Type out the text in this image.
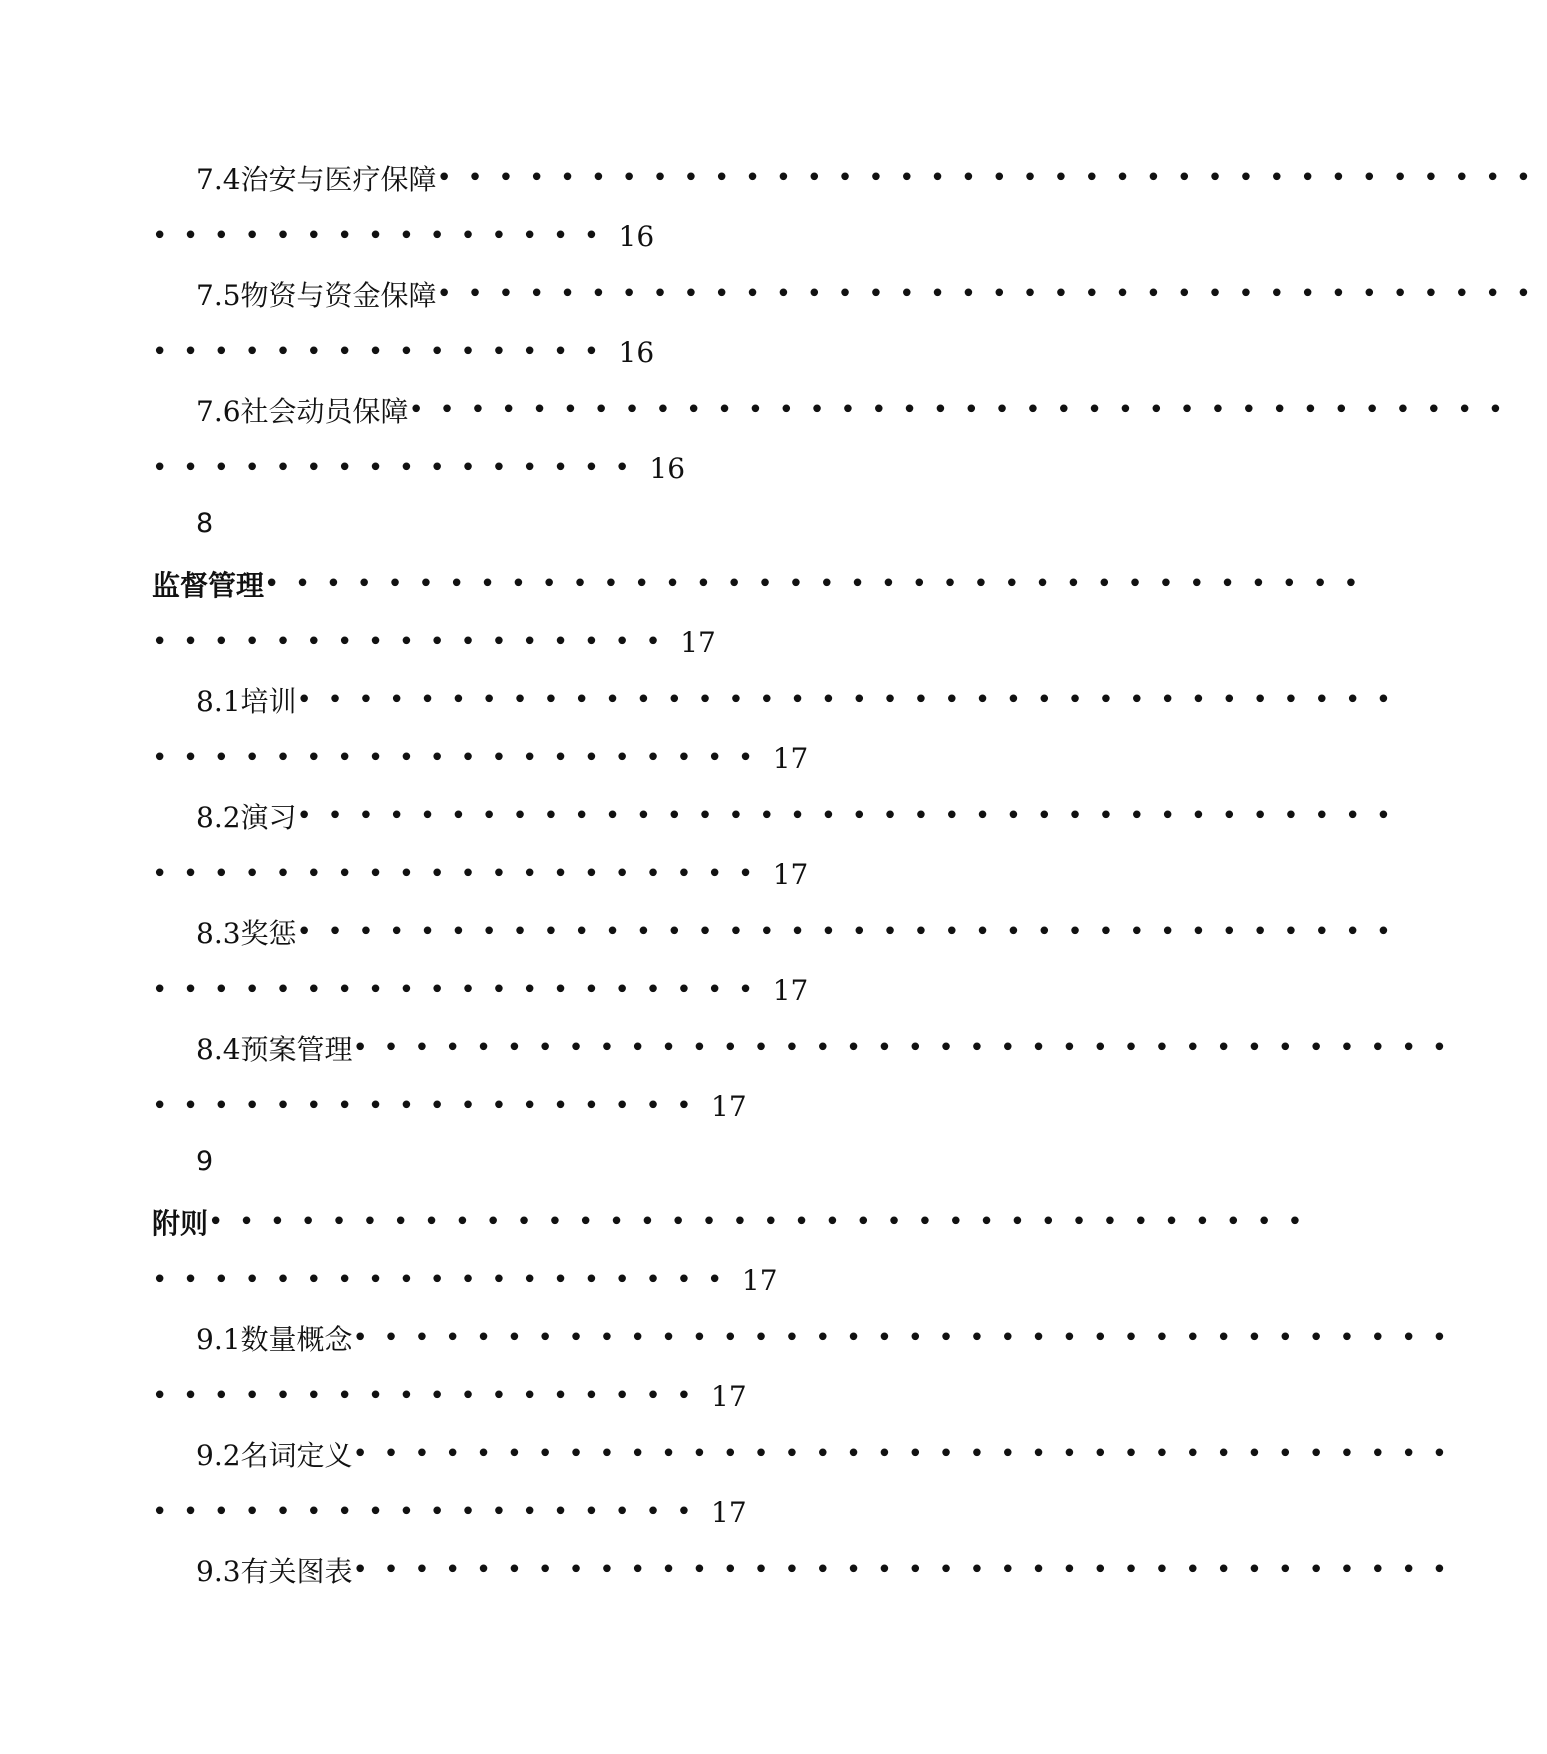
7.4治安与医疗保障 ••••••••••••••••••••••••••••••••••••
••••••••••••••• 16
7.5物资与资金保障 ••••••••••••••••••••••••••••••••••••
••••••••••••••• 16
7.6社会动员保障 ••••••••••••••••••••••••••••••••••••
•••••••••••••••• 16
8
监督管理 ••••••••••••••••••••••••••••••••••••
••••••••••••••••• 17
8.1培训 ••••••••••••••••••••••••••••••••••••
•••••••••••••••••••• 17
8.2演习 ••••••••••••••••••••••••••••••••••••
•••••••••••••••••••• 17
8.3奖惩 ••••••••••••••••••••••••••••••••••••
•••••••••••••••••••• 17
8.4预案管理 ••••••••••••••••••••••••••••••••••••
•••••••••••••••••• 17
9
附则 ••••••••••••••••••••••••••••••••••••
••••••••••••••••••• 17
9.1数量概念 ••••••••••••••••••••••••••••••••••••
•••••••••••••••••• 17
9.2名词定义 ••••••••••••••••••••••••••••••••••••
•••••••••••••••••• 17
9.3有关图表 ••••••••••••••••••••••••••••••••••••
